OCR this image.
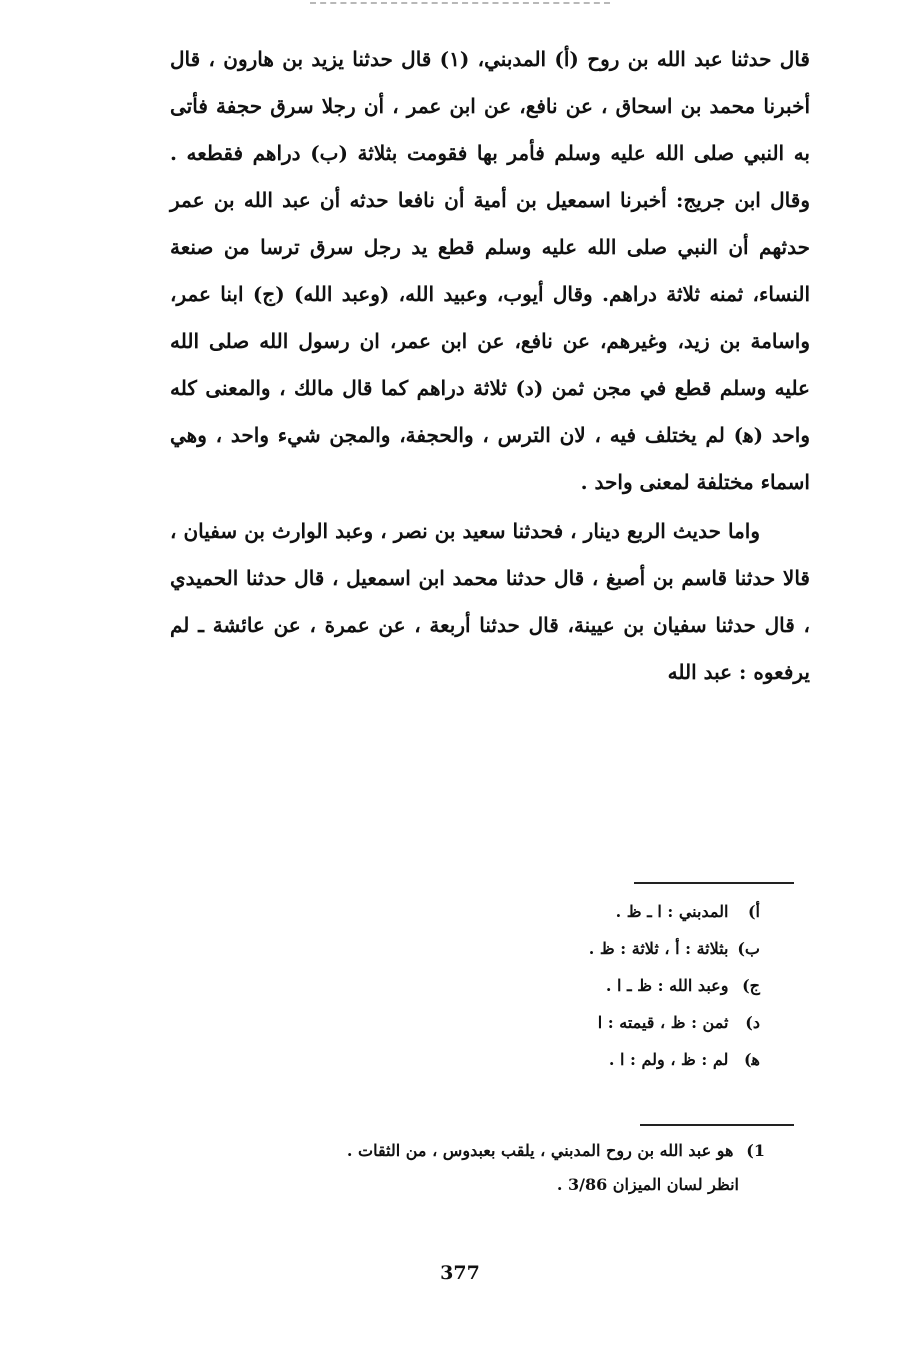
قال حدثنا عبد الله بن روح (أ) المدبني، (١) قال حدثنا يزيد بن هارون ، قال أخبرنا محمد بن اسحاق ، عن نافع، عن ابن عمر ، أن رجلا سرق حجفة فأتى به النبي صلى الله عليه وسلم فأمر بها فقومت بثلاثة (ب) دراهم فقطعه . وقال ابن جريج: أخبرنا اسمعيل بن أمية أن نافعا حدثه أن عبد الله بن عمر حدثهم أن النبي صلى الله عليه وسلم قطع يد رجل سرق ترسا من صنعة النساء، ثمنه ثلاثة دراهم. وقال أيوب، وعبيد الله، (وعبد الله) (ج) ابنا عمر، واسامة بن زيد، وغيرهم، عن نافع، عن ابن عمر، ان رسول الله صلى الله عليه وسلم قطع في مجن ثمن (د) ثلاثة دراهم كما قال مالك ، والمعنى كله واحد (ﻫ) لم يختلف فيه ، لان الترس ، والحجفة، والمجن شيء واحد ، وهي اسماء مختلفة لمعنى واحد .

واما حديث الربع دينار ، فحدثنا سعيد بن نصر ، وعبد الوارث بن سفيان ، قالا حدثنا قاسم بن أصبغ ، قال حدثنا محمد ابن اسمعيل ، قال حدثنا الحميدي ، قال حدثنا سفيان بن عيينة، قال حدثنا أربعة ، عن عمرة ، عن عائشة ـ لم يرفعوه : عبد الله

أ) المدبني : ا ـ ظ .
ب) بثلاثة : أ ، ثلاثة : ظ .
ج) وعبد الله : ظ ـ ا .
د) ثمن : ظ ، قيمته : ا
ﻫ) لم : ظ ، ولم : ا .
1) هو عبد الله بن روح المدبني ، يلقب بعبدوس ، من الثقات .
انظر لسان الميزان 3/86 .
377
